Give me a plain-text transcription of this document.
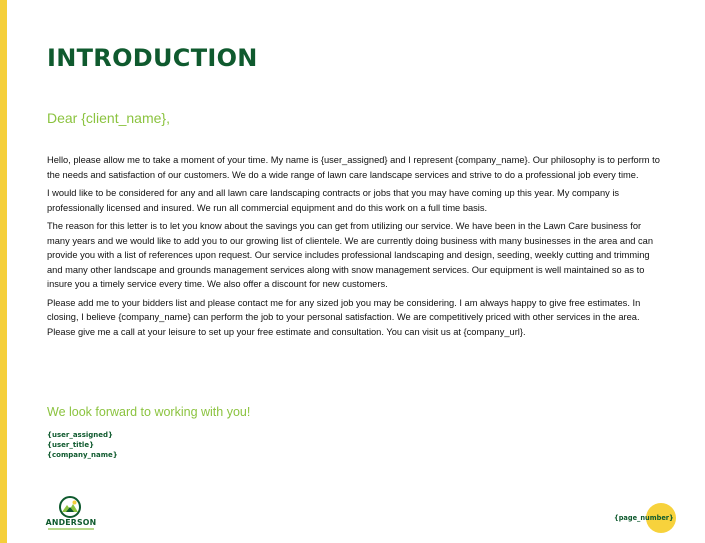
INTRODUCTION
Dear {client_name},

Hello, please allow me to take a moment of your time. My name is {user_assigned} and I represent {company_name}. Our philosophy is to perform to the needs and satisfaction of our customers. We do a wide range of lawn care landscape services and strive to do a professional job every time.

I would like to be considered for any and all lawn care landscaping contracts or jobs that you may have coming up this year. My company is professionally licensed and insured. We run all commercial equipment and do this work on a full time basis.

The reason for this letter is to let you know about the savings you can get from utilizing our service. We have been in the Lawn Care business for many years and we would like to add you to our growing list of clientele. We are currently doing business with many businesses in the area and can provide you with a list of references upon request. Our service includes professional landscaping and design, seeding, weekly cutting and trimming and many other landscape and grounds management services along with snow management services. Our equipment is well maintained so as to insure you a timely service every time. We also offer a discount for new customers.

Please add me to your bidders list and please contact me for any sized job you may be considering. I am always happy to give free estimates. In closing, I believe {company_name} can perform the job to your personal satisfaction. We are competitively priced with other services in the area. Please give me a call at your leisure to set up your free estimate and consultation. You can visit us at {company_url}.

We look forward to working with you!
{user_assigned}
{user_title}
{company_name}
ANDERSON	{page_number}
